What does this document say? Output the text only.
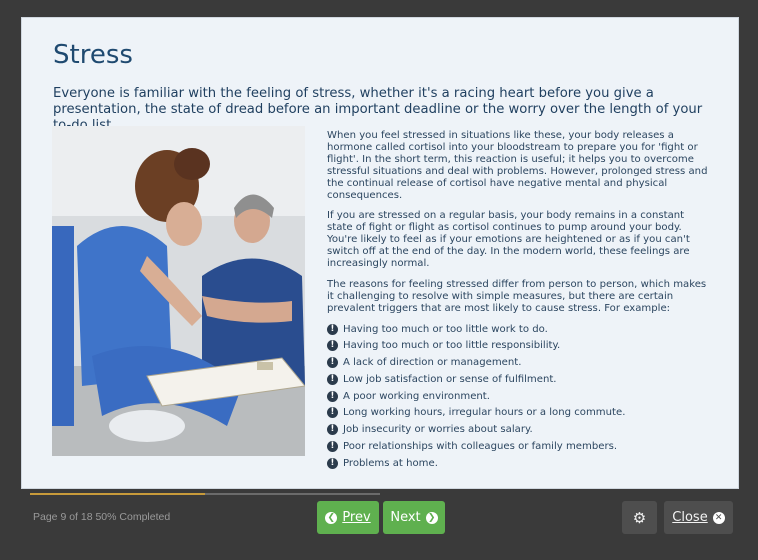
Stress

Everyone is familiar with the feeling of stress, whether it's a racing heart before you give a presentation, the state of dread before an important deadline or the worry over the length of your

When you feel stressed in situations like these, your body releases a hormone called cortisol into your bloodstream to prepare you for 'fight or flight'. In the short term, this reaction is useful; it helps you to overcome stressful situations and deal with problems. However, prolonged stress and the continual release of cortisol have negative mental and physical consequences.

If you are stressed on a regular basis, your body remains in a constant state of fight or flight as cortisol continues to pump around your body. You're likely to feel as if your emotions are heightened or as if you can't switch off at the end of the day. In the modern world, these feelings are increasingly normal.

The reasons for feeling stressed differ from person to person, which makes it challenging to resolve with simple measures, but there are certain prevalent triggers that are most likely to cause stress. For example:

! Having too much or too little work to do.
! Having too much or too little responsibility.
! A lack of direction or management.
! Low job satisfaction or sense of fulfilment.
! A poor working environment.
! Long working hours, irregular hours or a long commute.
! Job insecurity or worries about salary.
! Poor relationships with colleagues or family members.
! Problems at home.
Page 9 of 18 50% Completed	❮ Prev Next ❯	⚙ Close ✕
